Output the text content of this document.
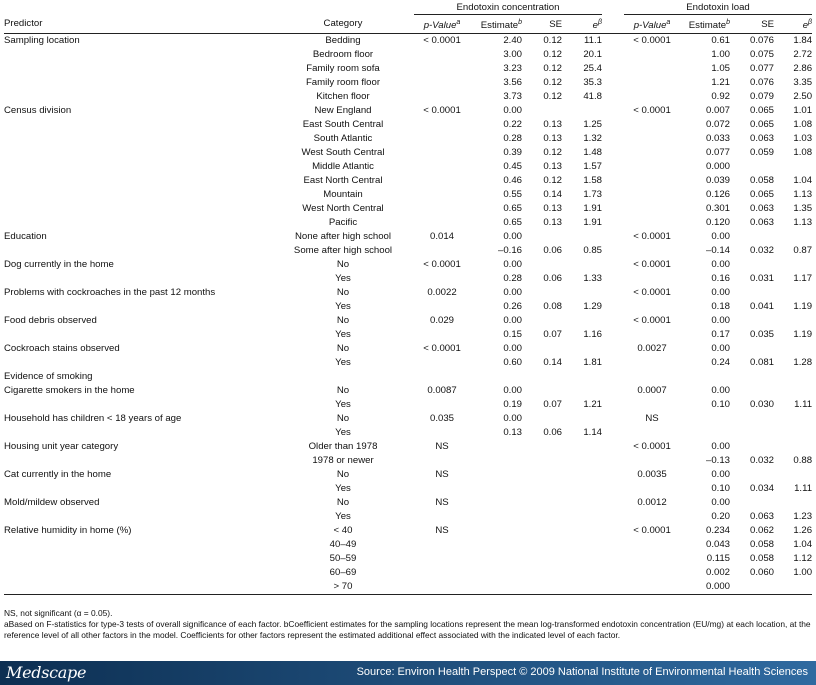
		Endotoxin concentration					Endotoxin load			
Predictor	Category	p-Value$^a$	Estimate$^b$	SE	$e^\beta$		p-Value$^a$	Estimate$^b$	SE	$e^\beta$
Sampling location	Bedding	< 0.0001	2.40	0.12	11.1		< 0.0001	0.61	0.076	1.84
	Bedroom floor		3.00	0.12	20.1			1.00	0.075	2.72
	Family room sofa		3.23	0.12	25.4			1.05	0.077	2.86
	Family room floor		3.56	0.12	35.3			1.21	0.076	3.35
	Kitchen floor		3.73	0.12	41.8			0.92	0.079	2.50
Census division	New England	< 0.0001	0.00				< 0.0001	0.007	0.065	1.01
	East South Central		0.22	0.13	1.25			0.072	0.065	1.08
	South Atlantic		0.28	0.13	1.32			0.033	0.063	1.03
	West South Central		0.39	0.12	1.48			0.077	0.059	1.08
	Middle Atlantic		0.45	0.13	1.57			0.000		
	East North Central		0.46	0.12	1.58			0.039	0.058	1.04
	Mountain		0.55	0.14	1.73			0.126	0.065	1.13
	West North Central		0.65	0.13	1.91			0.301	0.063	1.35
	Pacific		0.65	0.13	1.91			0.120	0.063	1.13
Education	None after high school	0.014	0.00				< 0.0001	0.00		
	Some after high school		–0.16	0.06	0.85			–0.14	0.032	0.87
Dog currently in the home	No	< 0.0001	0.00				< 0.0001	0.00		
	Yes		0.28	0.06	1.33			0.16	0.031	1.17
Problems with cockroaches in the past 12 months	No	0.0022	0.00				< 0.0001	0.00		
	Yes		0.26	0.08	1.29			0.18	0.041	1.19
Food debris observed	No	0.029	0.00				< 0.0001	0.00		
	Yes		0.15	0.07	1.16			0.17	0.035	1.19
Cockroach stains observed	No	< 0.0001	0.00				0.0027	0.00		
	Yes		0.60	0.14	1.81			0.24	0.081	1.28
Evidence of smoking										
Cigarette smokers in the home	No	0.0087	0.00				0.0007	0.00		
	Yes		0.19	0.07	1.21			0.10	0.030	1.11
Household has children < 18 years of age	No	0.035	0.00				NS			
	Yes		0.13	0.06	1.14					
Housing unit year category	Older than 1978	NS					< 0.0001	0.00		
	1978 or newer							–0.13	0.032	0.88
Cat currently in the home	No	NS					0.0035	0.00		
	Yes							0.10	0.034	1.11
Mold/mildew observed	No	NS					0.0012	0.00		
	Yes							0.20	0.063	1.23
Relative humidity in home (%)	< 40	NS					< 0.0001	0.234	0.062	1.26
	40–49							0.043	0.058	1.04
	50–59							0.115	0.058	1.12
	60–69							0.002	0.060	1.00
	> 70							0.000		

NS, not significant (α = 0.05).

aBased on F-statistics for type-3 tests of overall significance of each factor. bCoefficient estimates for the sampling locations represent the mean log-transformed endotoxin concentration (EU/mg) at each location, at the reference level of all other factors in the model. Coefficients for other factors represent the estimated additional effect associated with the indicated level of each factor.

Medscape	Source: Environ Health Perspect © 2009 National Institute of Environmental Health Sciences
